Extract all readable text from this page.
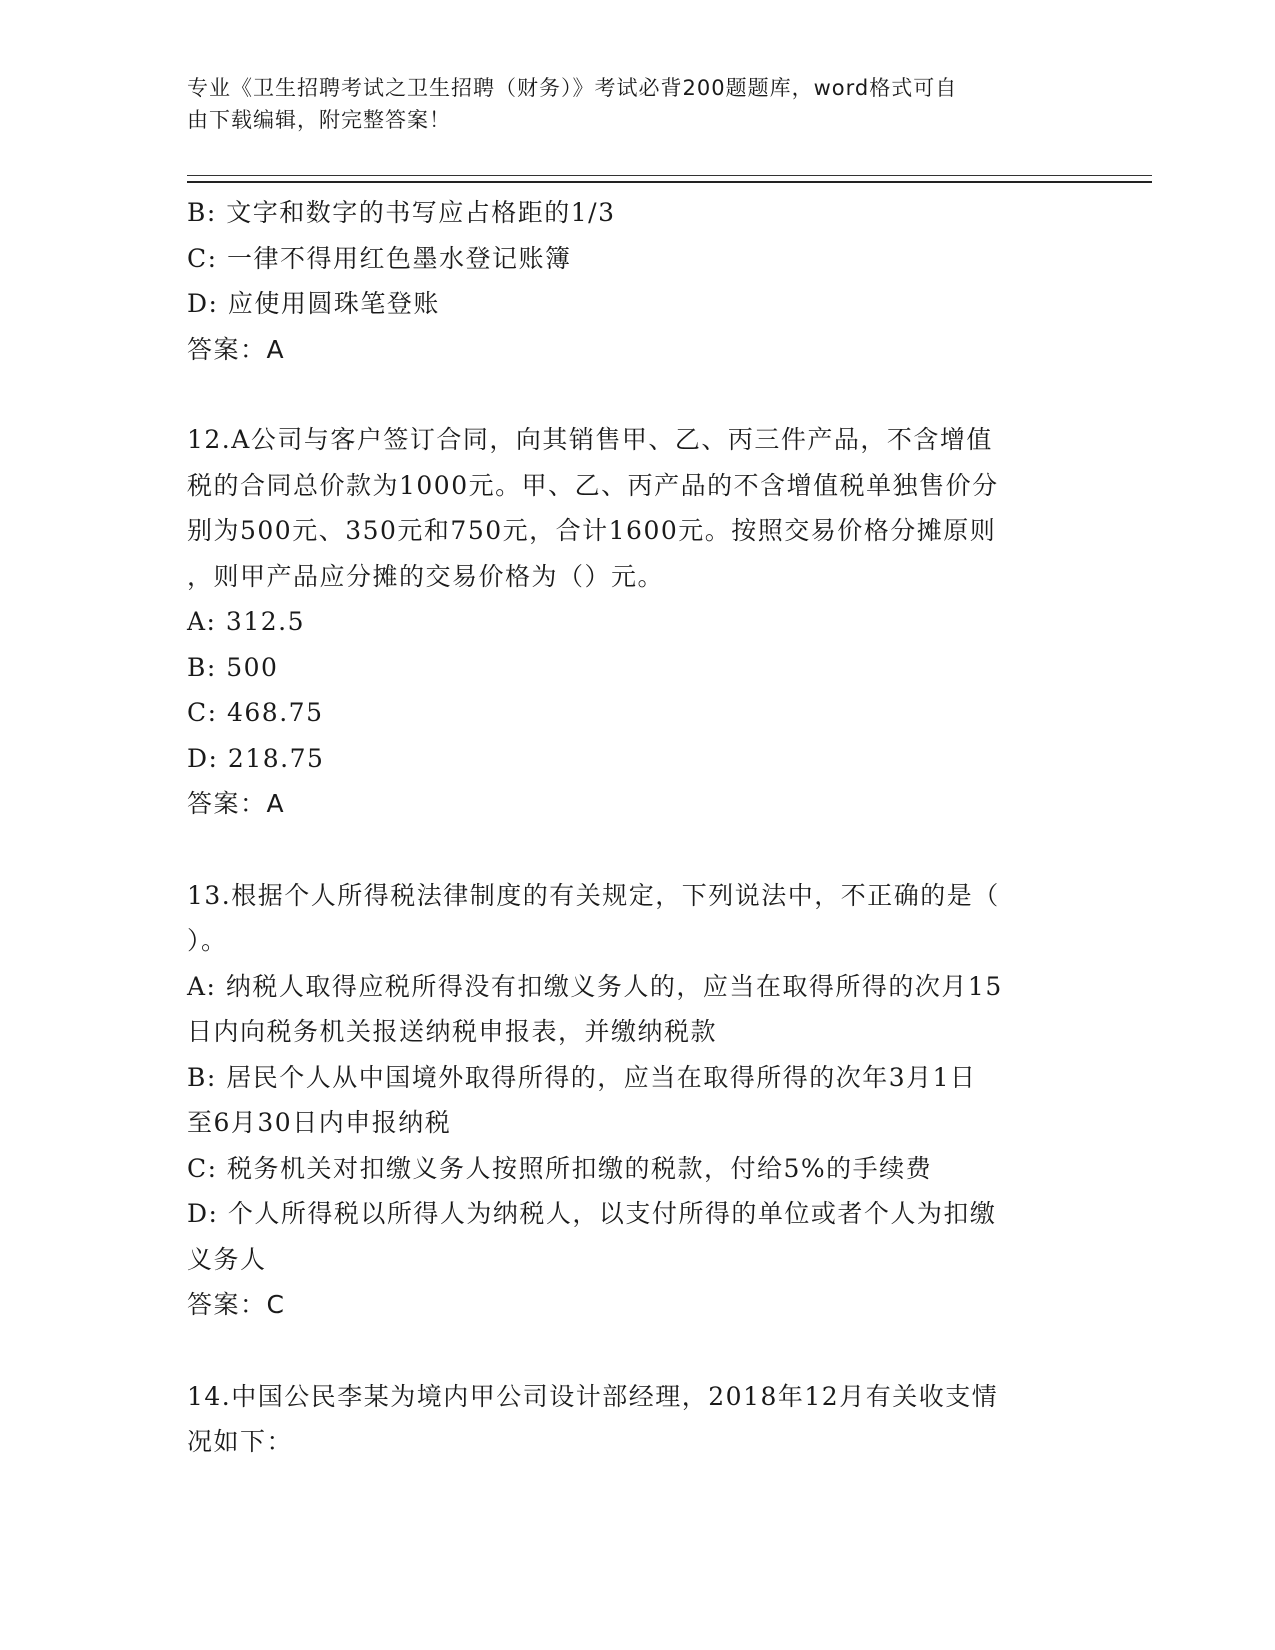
专业《卫生招聘考试之卫生招聘（财务）》考试必背200题题库，word格式可自
由下载编辑，附完整答案！
B: 文字和数字的书写应占格距的1/3
C: 一律不得用红色墨水登记账簿
D: 应使用圆珠笔登账
答案：A
12.A公司与客户签订合同，向其销售甲、乙、丙三件产品，不含增值
税的合同总价款为1000元。甲、乙、丙产品的不含增值税单独售价分
别为500元、350元和750元，合计1600元。按照交易价格分摊原则
，则甲产品应分摊的交易价格为（）元。
A: 312.5
B: 500
C: 468.75
D: 218.75
答案：A
13.根据个人所得税法律制度的有关规定，下列说法中，不正确的是（
）。
A: 纳税人取得应税所得没有扣缴义务人的，应当在取得所得的次月15
日内向税务机关报送纳税申报表，并缴纳税款
B: 居民个人从中国境外取得所得的，应当在取得所得的次年3月1日
至6月30日内申报纳税
C: 税务机关对扣缴义务人按照所扣缴的税款，付给5%的手续费
D: 个人所得税以所得人为纳税人，以支付所得的单位或者个人为扣缴
义务人
答案：C
14.中国公民李某为境内甲公司设计部经理，2018年12月有关收支情
况如下：
